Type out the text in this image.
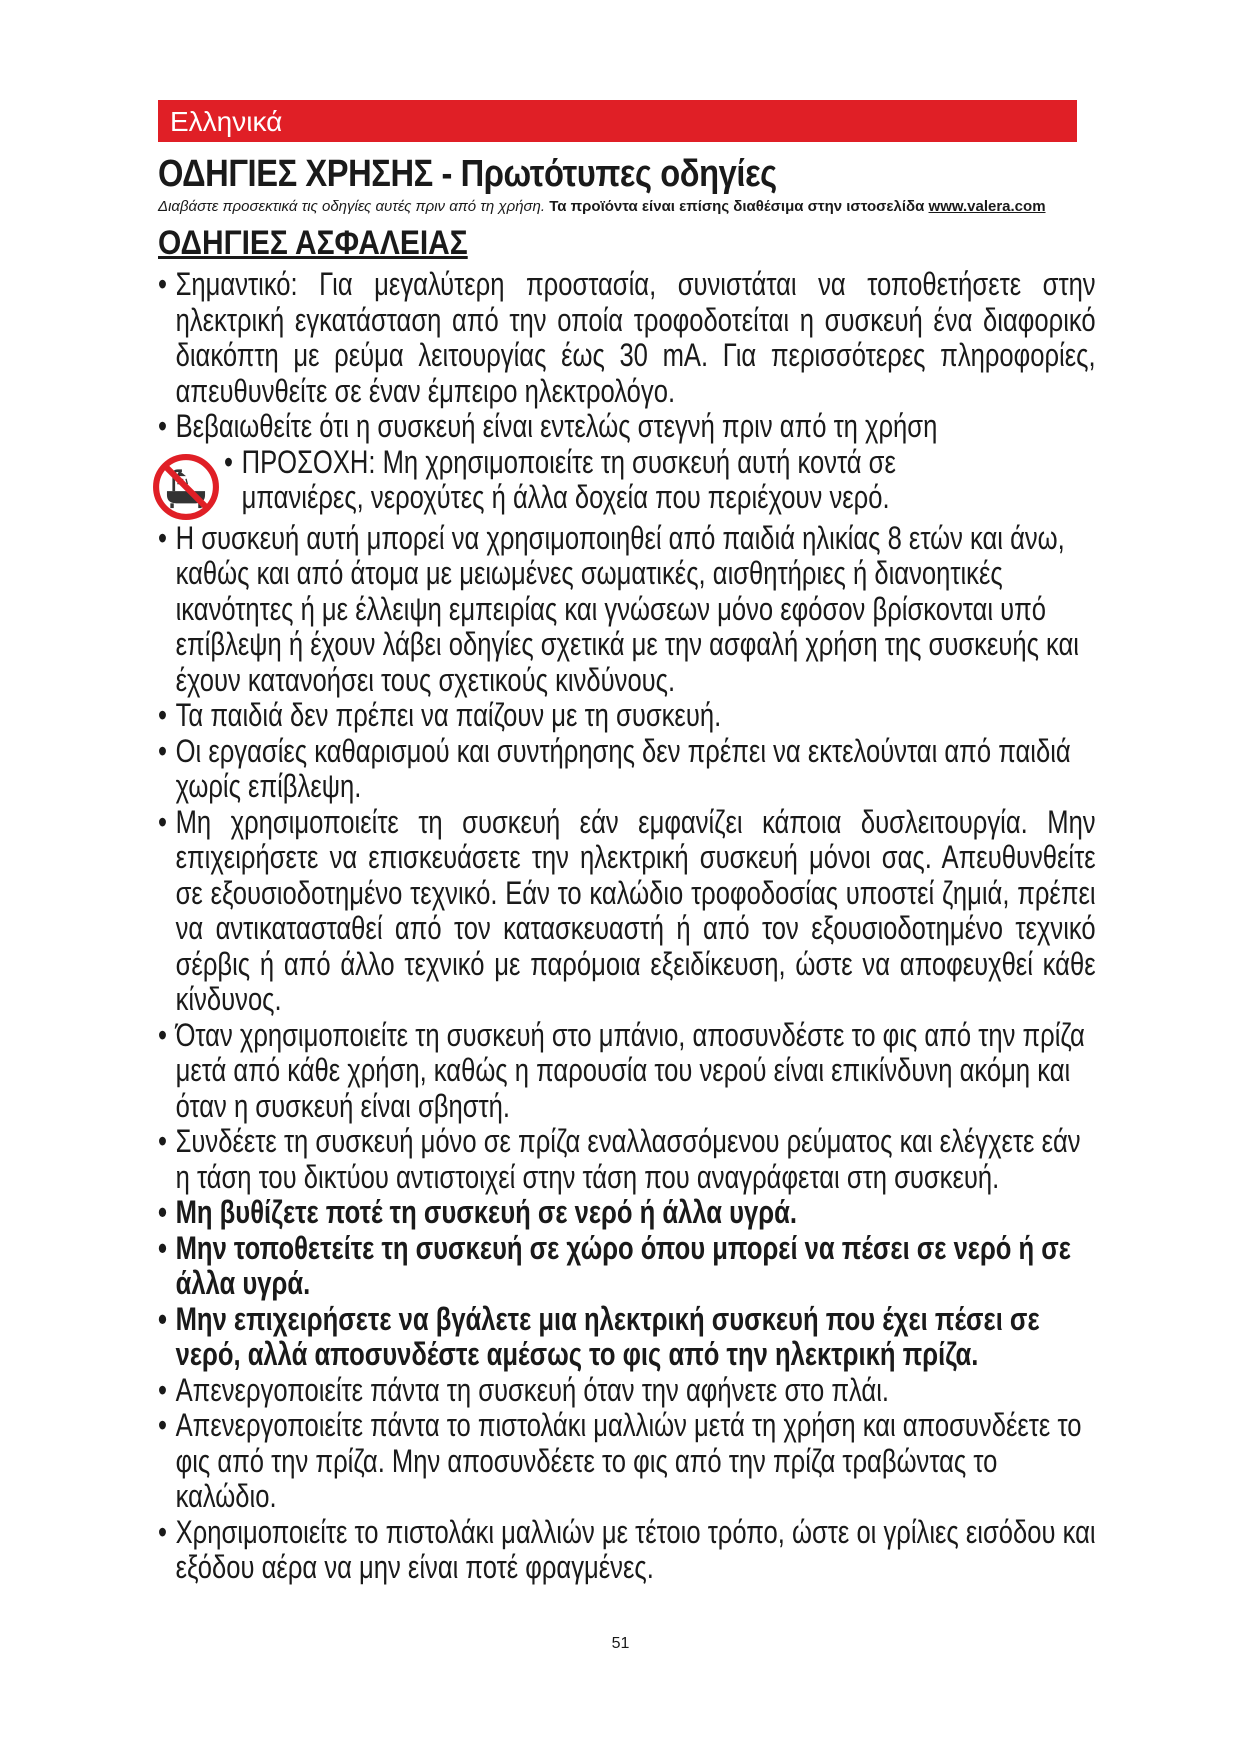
Ελληνικά
ΟΔΗΓΙΕΣ ΧΡΗΣΗΣ - Πρωτότυπες οδηγίες
Διαβάστε προσεκτικά τις οδηγίες αυτές πριν από τη χρήση. Τα προϊόντα είναι επίσης διαθέσιμα στην ιστοσελίδα www.valera.com
ΟΔΗΓΙΕΣ ΑΣΦΑΛΕΙΑΣ
• Σημαντικό: Για μεγαλύτερη προστασία, συνιστάται να τοποθετήσετε στην ηλεκτρική εγκατάσταση από την οποία τροφοδοτείται η συσκευή ένα διαφορικό διακόπτη με ρεύμα λειτουργίας έως 30 mA. Για περισσότερες πληροφορίες, απευθυνθείτε σε έναν έμπειρο ηλεκτρολόγο.
• Βεβαιωθείτε ότι η συσκευή είναι εντελώς στεγνή πριν από τη χρήση
• ΠΡΟΣΟΧΗ: Μη χρησιμοποιείτε τη συσκευή αυτή κοντά σε μπανιέρες, νεροχύτες ή άλλα δοχεία που περιέχουν νερό.
• Η συσκευή αυτή μπορεί να χρησιμοποιηθεί από παιδιά ηλικίας 8 ετών και άνω, καθώς και από άτομα με μειωμένες σωματικές, αισθητήριες ή διανοητικές ικανότητες ή με έλλειψη εμπειρίας και γνώσεων μόνο εφόσον βρίσκονται υπό επίβλεψη ή έχουν λάβει οδηγίες σχετικά με την ασφαλή χρήση της συσκευής και έχουν κατανοήσει τους σχετικούς κινδύνους.
• Τα παιδιά δεν πρέπει να παίζουν με τη συσκευή.
• Οι εργασίες καθαρισμού και συντήρησης δεν πρέπει να εκτελούνται από παιδιά χωρίς επίβλεψη.
• Μη χρησιμοποιείτε τη συσκευή εάν εμφανίζει κάποια δυσλειτουργία. Μην επιχειρήσετε να επισκευάσετε την ηλεκτρική συσκευή μόνοι σας. Απευθυνθείτε σε εξουσιοδοτημένο τεχνικό. Εάν το καλώδιο τροφοδοσίας υποστεί ζημιά, πρέπει να αντικατασταθεί από τον κατασκευαστή ή από τον εξουσιοδοτημένο τεχνικό σέρβις ή από άλλο τεχνικό με παρόμοια εξειδίκευση, ώστε να αποφευχθεί κάθε κίνδυνος.
• Όταν χρησιμοποιείτε τη συσκευή στο μπάνιο, αποσυνδέστε το φις από την πρίζα μετά από κάθε χρήση, καθώς η παρουσία του νερού είναι επικίνδυνη ακόμη και όταν η συσκευή είναι σβηστή.
• Συνδέετε τη συσκευή μόνο σε πρίζα εναλλασσόμενου ρεύματος και ελέγχετε εάν η τάση του δικτύου αντιστοιχεί στην τάση που αναγράφεται στη συσκευή.
• Μη βυθίζετε ποτέ τη συσκευή σε νερό ή άλλα υγρά.
• Μην τοποθετείτε τη συσκευή σε χώρο όπου μπορεί να πέσει σε νερό ή σε άλλα υγρά.
• Μην επιχειρήσετε να βγάλετε μια ηλεκτρική συσκευή που έχει πέσει σε νερό, αλλά αποσυνδέστε αμέσως το φις από την ηλεκτρική πρίζα.
• Απενεργοποιείτε πάντα τη συσκευή όταν την αφήνετε στο πλάι.
• Απενεργοποιείτε πάντα το πιστολάκι μαλλιών μετά τη χρήση και αποσυνδέετε το φις από την πρίζα. Μην αποσυνδέετε το φις από την πρίζα τραβώντας το καλώδιο.
• Χρησιμοποιείτε το πιστολάκι μαλλιών με τέτοιο τρόπο, ώστε οι γρίλιες εισόδου και εξόδου αέρα να μην είναι ποτέ φραγμένες.
51
